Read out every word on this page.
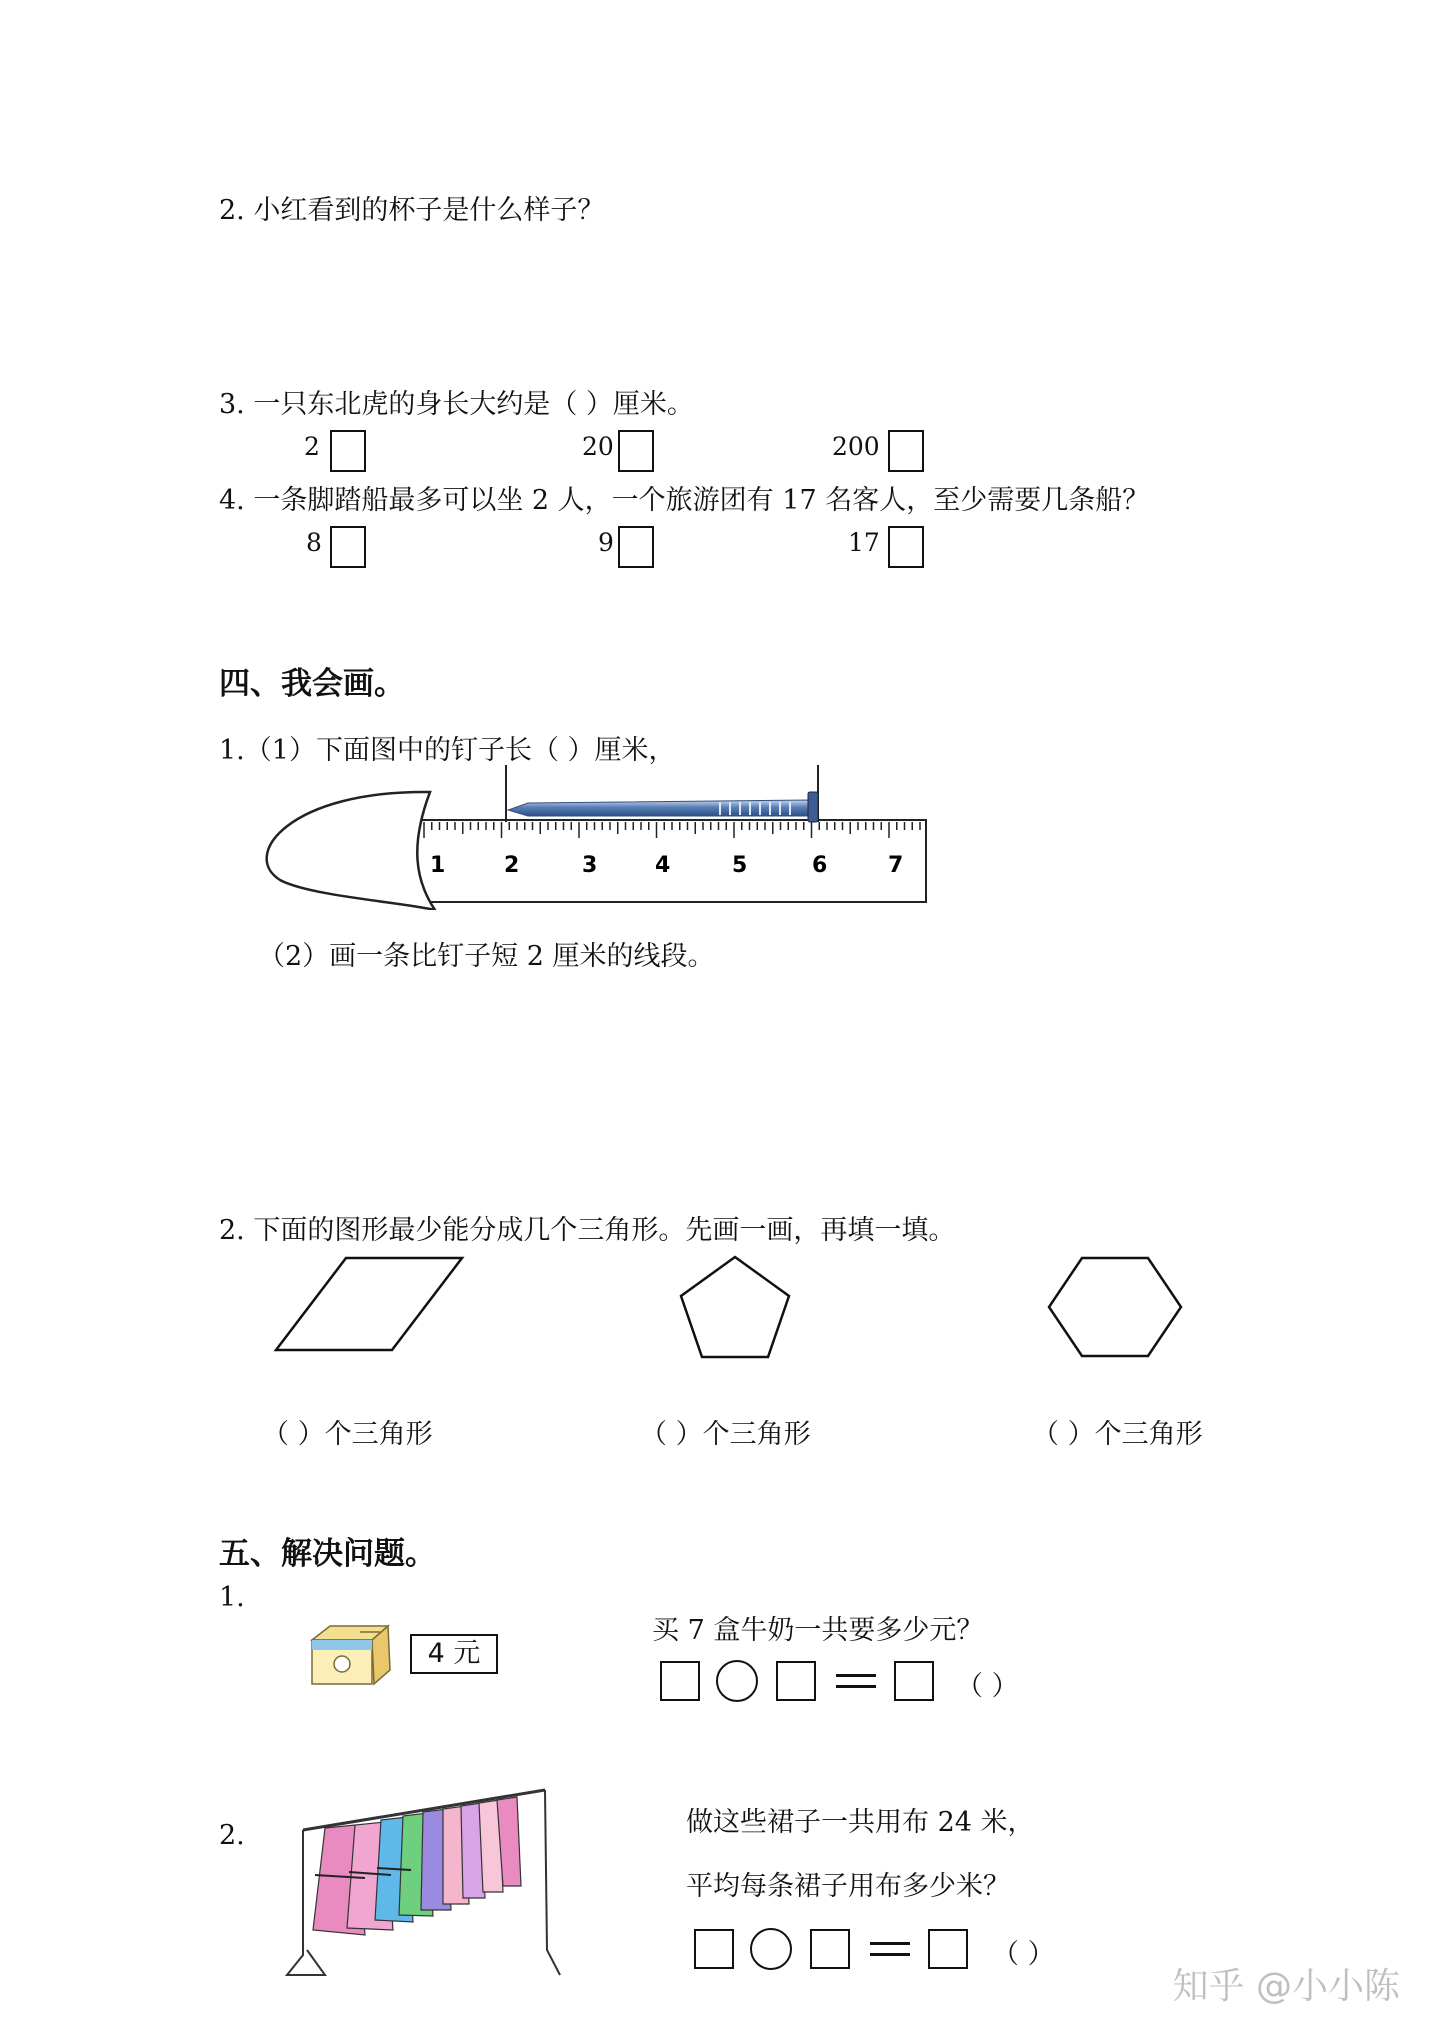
2. 小红看到的杯子是什么样子？
3. 一只东北虎的身长大约是（ ）厘米。
2	20	200
4. 一条脚踏船最多可以坐 2 人，一个旅游团有 17 名客人，至少需要几条船？
8	9	17
四、我会画。
1.（1）下面图中的钉子长（ ）厘米，
1	2	3	4	5	6	7
（2）画一条比钉子短 2 厘米的线段。
2. 下面的图形最少能分成几个三角形。先画一画，再填一填。
（ ）个三角形	（ ）个三角形	（ ）个三角形
五、解决问题。
1.
4 元
买 7 盒牛奶一共要多少元？
（ ）
2.	做这些裙子一共用布 24 米，
平均每条裙子用布多少米？
（ ）
知乎 @小小陈
